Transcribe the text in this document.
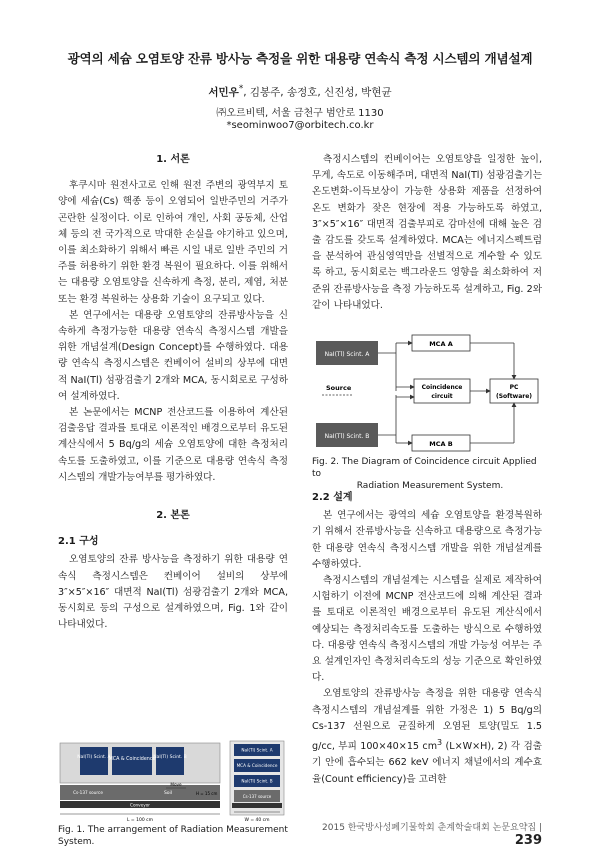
광역의 세슘 오염토양 잔류 방사능 측정을 위한 대용량 연속식 측정 시스템의 개념설계
서민우*, 김봉주, 송정호, 신진성, 박현균
㈜오르비텍, 서울 금천구 범안로 1130
*seominwoo7@orbitech.co.kr
1. 서론

후쿠시마 원전사고로 인해 원전 주변의 광역부지 토양에 세슘(Cs) 핵종 등이 오염되어 일반주민의 거주가 곤란한 실정이다. 이로 인하여 개인, 사회 공동체, 산업체 등의 전 국가적으로 막대한 손실을 야기하고 있으며, 이를 최소화하기 위해서 빠른 시일 내로 일반 주민의 거주를 허용하기 위한 환경 복원이 필요하다. 이를 위해서는 대용량 오염토양을 신속하게 측정, 분리, 제염, 처분 또는 환경 복원하는 상용화 기술이 요구되고 있다.

본 연구에서는 대용량 오염토양의 잔류방사능을 신속하게 측정가능한 대용량 연속식 측정시스템 개발을 위한 개념설계(Design Concept)를 수행하였다. 대용량 연속식 측정시스템은 컨베이어 설비의 상부에 대면적 NaI(Tl) 섬광검출기 2개와 MCA, 동시회로로 구성하여 설계하였다.

본 논문에서는 MCNP 전산코드를 이용하여 계산된 검출응답 결과를 토대로 이론적인 배경으로부터 유도된 계산식에서 5 Bq/g의 세슘 오염토양에 대한 측정처리속도를 도출하였고, 이를 기준으로 대용량 연속식 측정시스템의 개발가능여부를 평가하였다.

2. 본론
2.1 구성

오염토양의 잔류 방사능을 측정하기 위한 대용량 연속식 측정시스템은 컨베이어 설비의 상부에 3″×5″×16″ 대면적 NaI(Tl) 섬광검출기 2개와 MCA, 동시회로 등의 구성으로 설계하였으며, Fig. 1와 같이 나타내었다.

NaI(Tl) Scint. A
MCA & Coincidence
NaI(Tl) Scint. B
Soil
Cs-137 source
Conveyor
L = 100 cm
Move
H = 15 cm
NaI(Tl) Scint. A
MCA & Coincidence
NaI(Tl) Scint. B
Cs-137 source
W = 40 cm
Fig. 1. The arrangement of Radiation Measurement System.

측정시스템의 컨베이어는 오염토양을 일정한 높이, 무게, 속도로 이동해주며, 대면적 NaI(Tl) 섬광검출기는 온도변화-이득보상이 가능한 상용화 제품을 선정하여 온도 변화가 잦은 현장에 적용 가능하도록 하였고, 3″×5″×16″ 대면적 검출부피로 감마선에 대해 높은 검출 감도를 갖도록 설계하였다. MCA는 에너지스펙트럼을 분석하여 관심영역만을 선별적으로 계수할 수 있도록 하고, 동시회로는 백그라운드 영향을 최소화하여 저준위 잔류방사능을 측정 가능하도록 설계하고, Fig. 2와 같이 나타내었다.

NaI(Tl) Scint. A
NaI(Tl) Scint. B
Source
MCA A
MCA B
Coincidence
circuit
PC
(Software)
Fig. 2. The Diagram of Coincidence circuit Applied to
Radiation Measurement System.
2.2 설계

본 연구에서는 광역의 세슘 오염토양을 환경복원하기 위해서 잔류방사능을 신속하고 대용량으로 측정가능한 대용량 연속식 측정시스템 개발을 위한 개념설계를 수행하였다.

측정시스템의 개념설계는 시스템을 실제로 제작하여 시험하기 이전에 MCNP 전산코드에 의해 계산된 결과를 토대로 이론적인 배경으로부터 유도된 계산식에서 예상되는 측정처리속도를 도출하는 방식으로 수행하였다. 대용량 연속식 측정시스템의 개발 가능성 여부는 주요 설계인자인 측정처리속도의 성능 기준으로 확인하였다.

오염토양의 잔류방사능 측정을 위한 대용량 연속식 측정시스템의 개념설계를 위한 가정은 1) 5 Bq/g의 Cs-137 선원으로 균질하게 오염된 토양(밀도 1.5 g/cc, 부피 100×40×15 $cm^3$ (L×W×H), 2) 각 검출기 안에 흡수되는 662 keV 에너지 채널에서의 계수효율(Count efficiency)을 고려한

2015 한국방사성폐기물학회 춘계학술대회 논문요약집 | 239
